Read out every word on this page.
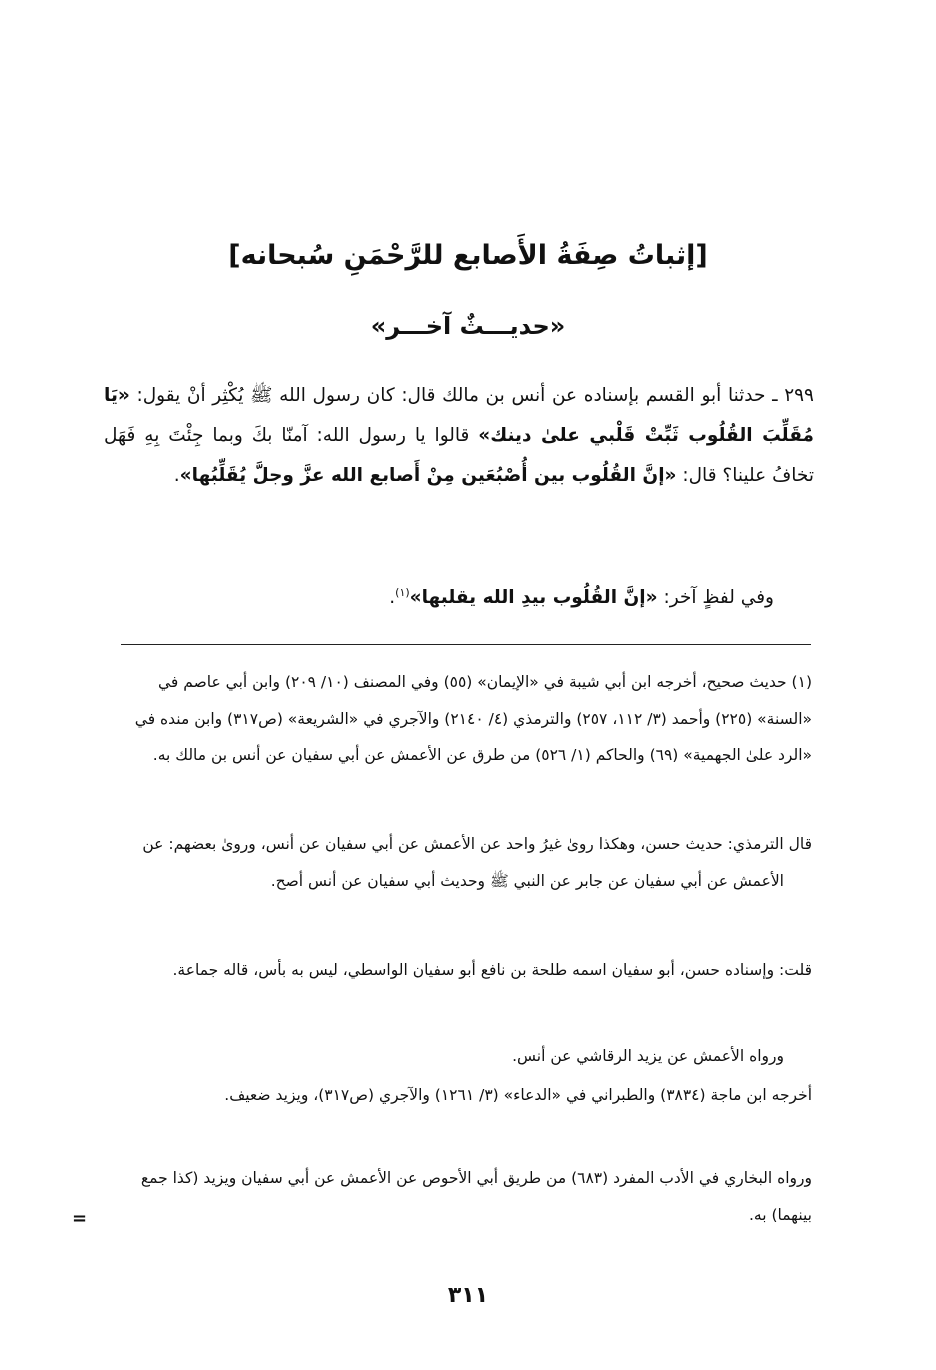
[إثباتُ صِفَةُ الأَصابع للرَّحْمَنِ سُبحانه]
«حديـــثٌ آخـــر»
٢٩٩ ـ حدثنا أبو القسم بإسناده عن أنس بن مالك قال: كان رسول الله ﷺ يُكْثِر أنْ يقول: «يَا مُقَلِّبَ القُلُوب ثَبِّتْ قَلْبي علىٰ دينك» قالوا يا رسول الله: آمنّا بكَ وبما جِئْتَ بِهِ فَهَل تخافُ علينا؟ قال: «إنَّ القُلُوب بين أُصْبُعَين مِنْ أَصابع الله عزَّ وجلَّ يُقَلِّبُها».
وفي لفظٍ آخر: «إنَّ القُلُوب بيدِ الله يقلبها»$^{(١)}$.

(١) حديث صحيح، أخرجه ابن أبي شيبة في «الإيمان» (٥٥) وفي المصنف (١٠/ ٢٠٩) وابن أبي عاصم في «السنة» (٢٢٥) وأحمد (٣/ ١١٢، ٢٥٧) والترمذي (٤/ ٢١٤٠) والآجري في «الشريعة» (ص٣١٧) وابن منده في «الرد علىٰ الجهمية» (٦٩) والحاكم (١/ ٥٢٦) من طرق عن الأعمش عن أبي سفيان عن أنس بن مالك به.

قال الترمذي: حديث حسن، وهكذا روىٰ غيرُ واحد عن الأعمش عن أبي سفيان عن أنس، وروىٰ بعضهم: عن الأعمش عن أبي سفيان عن جابر عن النبي ﷺ وحديث أبي سفيان عن أنس أصح.

قلت: وإسناده حسن، أبو سفيان اسمه طلحة بن نافع أبو سفيان الواسطي، ليس به بأس، قاله جماعة.

ورواه الأعمش عن يزيد الرقاشي عن أنس.

أخرجه ابن ماجة (٣٨٣٤) والطبراني في «الدعاء» (٣/ ١٢٦١) والآجري (ص٣١٧)، ويزيد ضعيف.

ورواه البخاري في الأدب المفرد (٦٨٣) من طريق أبي الأحوص عن الأعمش عن أبي سفيان ويزيد (كذا جمع بينهما) به.

=
٣١١
